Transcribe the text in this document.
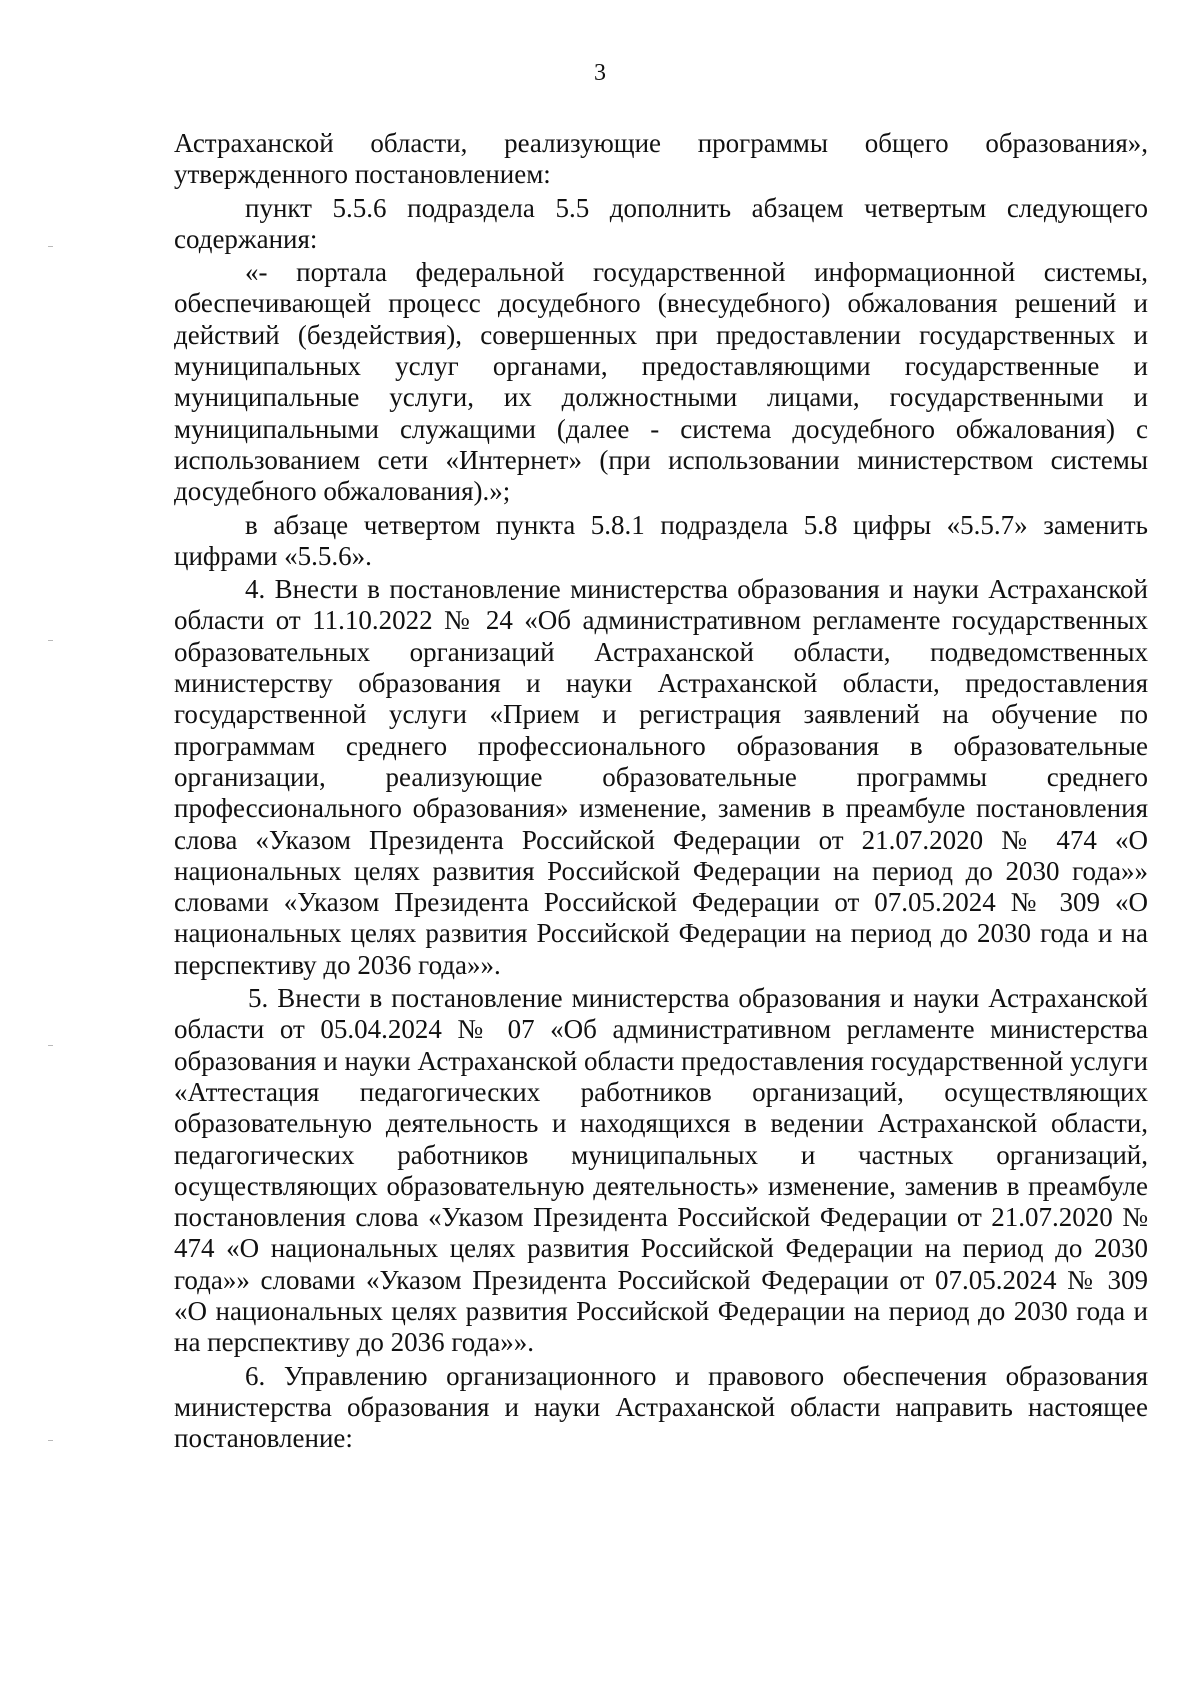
3

Астраханской области, реализующие программы общего образования», утвержденного постановлением:

пункт 5.5.6 подраздела 5.5 дополнить абзацем четвертым следующего содержания:

«- портала федеральной государственной информационной системы, обеспечивающей процесс досудебного (внесудебного) обжалования решений и действий (бездействия), совершенных при предоставлении государственных и муниципальных услуг органами, предоставляющими государственные и муниципальные услуги, их должностными лицами, государственными и муниципальными служащими (далее - система досудебного обжалования) с использованием сети «Интернет» (при использовании министерством системы досудебного обжалования).»;

в абзаце четвертом пункта 5.8.1 подраздела 5.8 цифры «5.5.7» заменить цифрами «5.5.6».

4. Внести в постановление министерства образования и науки Астраханской области от 11.10.2022 № 24 «Об административном регламенте государственных образовательных организаций Астраханской области, подведомственных министерству образования и науки Астраханской области, предоставления государственной услуги «Прием и регистрация заявлений на обучение по программам среднего профессионального образования в образовательные организации, реализующие образовательные программы среднего профессионального образования» изменение, заменив в преамбуле постановления слова «Указом Президента Российской Федерации от 21.07.2020 № 474 «О национальных целях развития Российской Федерации на период до 2030 года»» словами «Указом Президента Российской Федерации от 07.05.2024 № 309 «О национальных целях развития Российской Федерации на период до 2030 года и на перспективу до 2036 года»».

5. Внести в постановление министерства образования и науки Астраханской области от 05.04.2024 № 07 «Об административном регламенте министерства образования и науки Астраханской области предоставления государственной услуги «Аттестация педагогических работников организаций, осуществляющих образовательную деятельность и находящихся в ведении Астраханской области, педагогических работников муниципальных и частных организаций, осуществляющих образовательную деятельность» изменение, заменив в преамбуле постановления слова «Указом Президента Российской Федерации от 21.07.2020 № 474 «О национальных целях развития Российской Федерации на период до 2030 года»» словами «Указом Президента Российской Федерации от 07.05.2024 № 309 «О национальных целях развития Российской Федерации на период до 2030 года и на перспективу до 2036 года»».

6. Управлению организационного и правового обеспечения образования министерства образования и науки Астраханской области направить настоящее постановление:
